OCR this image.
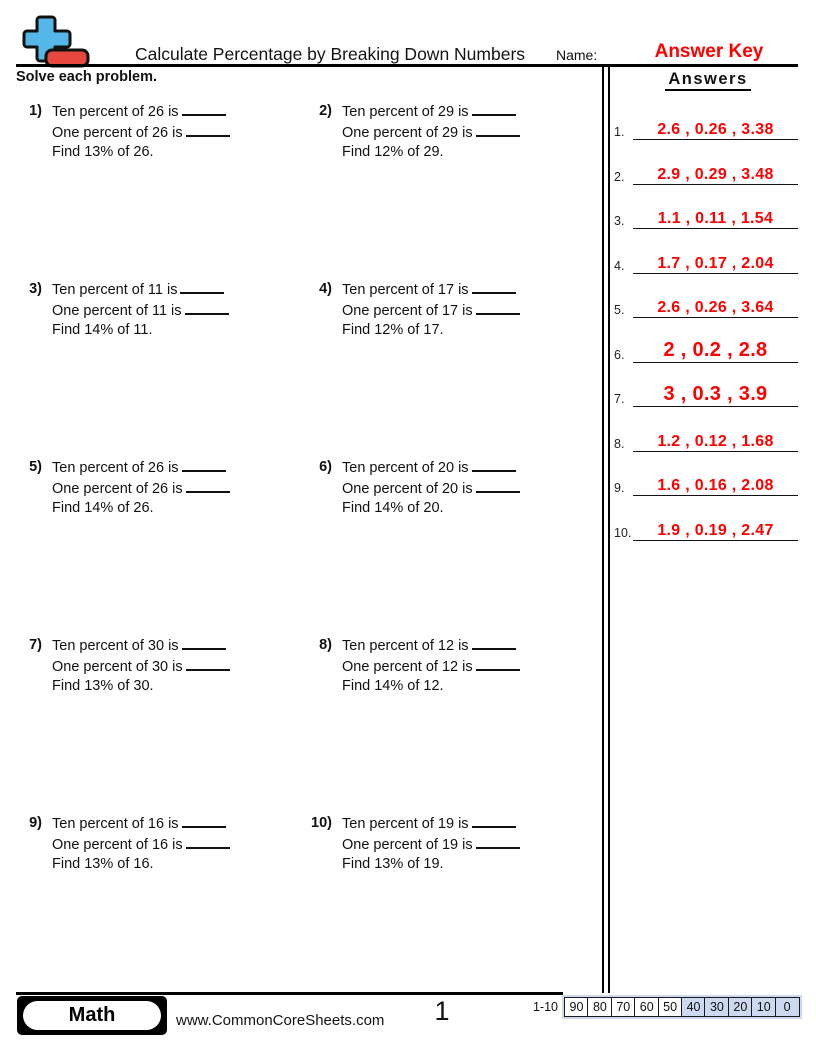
Calculate Percentage by Breaking Down Numbers	Name:	Answer Key
Solve each problem.
1) Ten percent of 26 is
One percent of 26 is
Find 13% of 26.
2) Ten percent of 29 is
One percent of 29 is
Find 12% of 29.
3) Ten percent of 11 is
One percent of 11 is
Find 14% of 11.
4) Ten percent of 17 is
One percent of 17 is
Find 12% of 17.
5) Ten percent of 26 is
One percent of 26 is
Find 14% of 26.
6) Ten percent of 20 is
One percent of 20 is
Find 14% of 20.
7) Ten percent of 30 is
One percent of 30 is
Find 13% of 30.
8) Ten percent of 12 is
One percent of 12 is
Find 14% of 12.
9) Ten percent of 16 is
One percent of 16 is
Find 13% of 16.
10) Ten percent of 19 is
One percent of 19 is
Find 13% of 19.
Answers
1.	2.6 , 0.26 , 3.38
2.	2.9 , 0.29 , 3.48
3.	1.1 , 0.11 , 1.54
4.	1.7 , 0.17 , 2.04
5.	2.6 , 0.26 , 3.64
6.	2 , 0.2 , 2.8
7.	3 , 0.3 , 3.9
8.	1.2 , 0.12 , 1.68
9.	1.6 , 0.16 , 2.08
10.	1.9 , 0.19 , 2.47
Math	www.CommonCoreSheets.com	1	1-10 90 80 70 60 50 40 30 20 10	0
